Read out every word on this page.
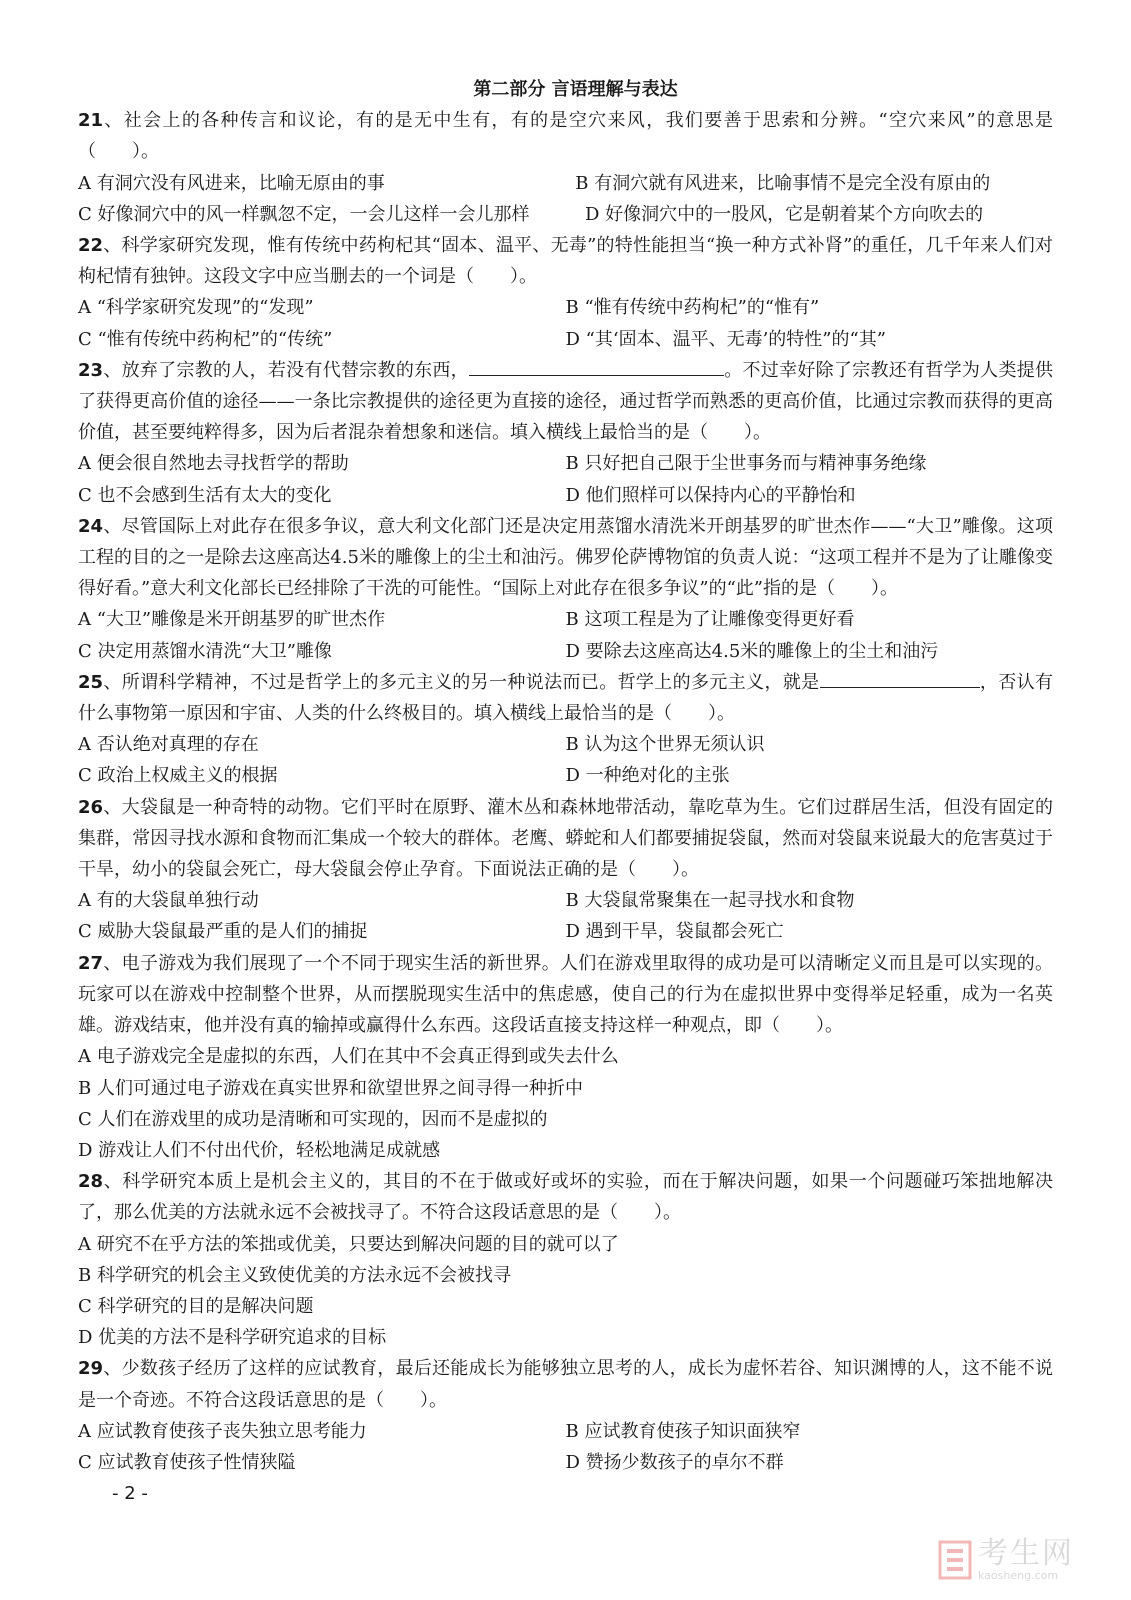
第二部分 言语理解与表达
21、社会上的各种传言和议论，有的是无中生有，有的是空穴来风，我们要善于思索和分辨。“空穴来风”的意思是（　　）。
A 有洞穴没有风进来，比喻无原由的事	B 有洞穴就有风进来，比喻事情不是完全没有原由的
C 好像洞穴中的风一样飘忽不定，一会儿这样一会儿那样	D 好像洞穴中的一股风，它是朝着某个方向吹去的
22、科学家研究发现，惟有传统中药枸杞其“固本、温平、无毒”的特性能担当“换一种方式补肾”的重任，几千年来人们对枸杞情有独钟。这段文字中应当删去的一个词是（　　）。
A “科学家研究发现”的“发现”	B “惟有传统中药枸杞”的“惟有”
C “惟有传统中药枸杞”的“传统”	D “其‘固本、温平、无毒’的特性”的“其”
23、放弃了宗教的人，若没有代替宗教的东西，	。不过幸好除了宗教还有哲学为人类提供了获得更高价值的途径——一条比宗教提供的途径更为直接的途径，通过哲学而熟悉的更高价值，比通过宗教而获得的更高价值，甚至要纯粹得多，因为后者混杂着想象和迷信。填入横线上最恰当的是（　　）。
A 便会很自然地去寻找哲学的帮助	B 只好把自己限于尘世事务而与精神事务绝缘
C 也不会感到生活有太大的变化	D 他们照样可以保持内心的平静怡和
24、尽管国际上对此存在很多争议，意大利文化部门还是决定用蒸馏水清洗米开朗基罗的旷世杰作——“大卫”雕像。这项工程的目的之一是除去这座高达4.5米的雕像上的尘土和油污。佛罗伦萨博物馆的负责人说：“这项工程并不是为了让雕像变得好看。”意大利文化部长已经排除了干洗的可能性。“国际上对此存在很多争议”的“此”指的是（　　）。
A “大卫”雕像是米开朗基罗的旷世杰作	B 这项工程是为了让雕像变得更好看
C 决定用蒸馏水清洗“大卫”雕像	D 要除去这座高达4.5米的雕像上的尘土和油污
25、所谓科学精神，不过是哲学上的多元主义的另一种说法而已。哲学上的多元主义，就是	，否认有什么事物第一原因和宇宙、人类的什么终极目的。填入横线上最恰当的是（　　）。
A 否认绝对真理的存在	B 认为这个世界无须认识
C 政治上权威主义的根据	D 一种绝对化的主张
26、大袋鼠是一种奇特的动物。它们平时在原野、灌木丛和森林地带活动，靠吃草为生。它们过群居生活，但没有固定的集群，常因寻找水源和食物而汇集成一个较大的群体。老鹰、蟒蛇和人们都要捕捉袋鼠，然而对袋鼠来说最大的危害莫过于干旱，幼小的袋鼠会死亡，母大袋鼠会停止孕育。下面说法正确的是（　　）。
A 有的大袋鼠单独行动	B 大袋鼠常聚集在一起寻找水和食物
C 威胁大袋鼠最严重的是人们的捕捉	D 遇到干旱，袋鼠都会死亡
27、电子游戏为我们展现了一个不同于现实生活的新世界。人们在游戏里取得的成功是可以清晰定义而且是可以实现的。玩家可以在游戏中控制整个世界，从而摆脱现实生活中的焦虑感，使自己的行为在虚拟世界中变得举足轻重，成为一名英雄。游戏结束，他并没有真的输掉或赢得什么东西。这段话直接支持这样一种观点，即（　　）。
A 电子游戏完全是虚拟的东西，人们在其中不会真正得到或失去什么
B 人们可通过电子游戏在真实世界和欲望世界之间寻得一种折中
C 人们在游戏里的成功是清晰和可实现的，因而不是虚拟的
D 游戏让人们不付出代价，轻松地满足成就感
28、科学研究本质上是机会主义的，其目的不在于做或好或坏的实验，而在于解决问题，如果一个问题碰巧笨拙地解决了，那么优美的方法就永远不会被找寻了。不符合这段话意思的是（　　）。
A 研究不在乎方法的笨拙或优美，只要达到解决问题的目的就可以了
B 科学研究的机会主义致使优美的方法永远不会被找寻
C 科学研究的目的是解决问题
D 优美的方法不是科学研究追求的目标
29、少数孩子经历了这样的应试教育，最后还能成长为能够独立思考的人，成长为虚怀若谷、知识渊博的人，这不能不说是一个奇迹。不符合这段话意思的是（　　）。
A 应试教育使孩子丧失独立思考能力	B 应试教育使孩子知识面狭窄
C 应试教育使孩子性情狭隘	D 赞扬少数孩子的卓尔不群
- 2 -
考生网
kaosheng.com
